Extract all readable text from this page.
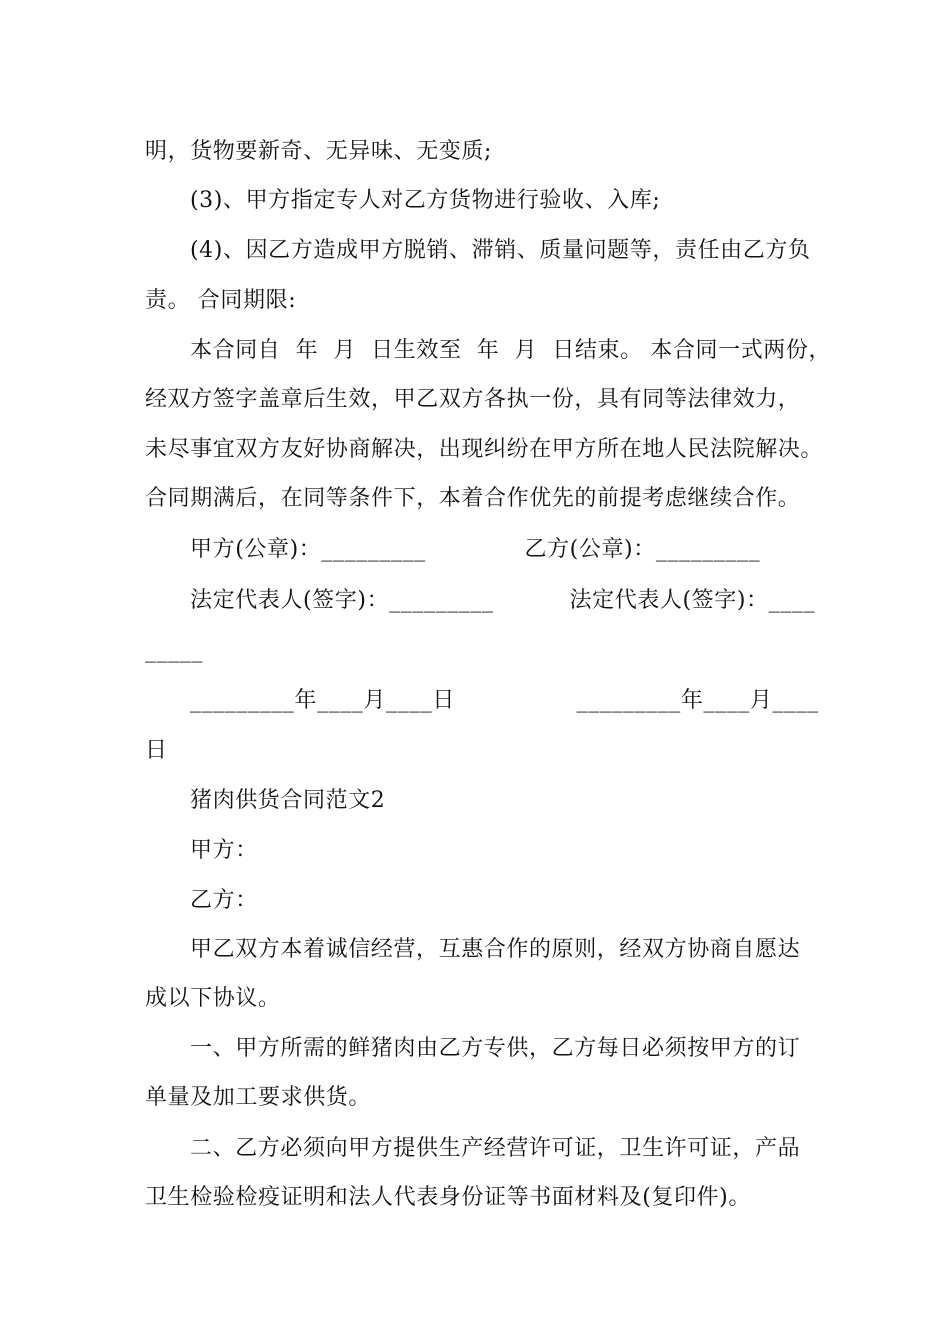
明，货物要新奇、无异味、无变质;
(3)、甲方指定专人对乙方货物进行验收、入库;
(4)、因乙方造成甲方脱销、滞销、质量问题等，责任由乙方负
责。 合同期限:
本合同自  年  月  日生效至  年  月  日结束。 本合同一式两份，
经双方签字盖章后生效，甲乙双方各执一份，具有同等法律效力，
未尽事宜双方友好协商解决，出现纠纷在甲方所在地人民法院解决。
合同期满后，在同等条件下，本着合作优先的前提考虑继续合作。
甲方(公章)：_________             乙方(公章)：_________
法定代表人(签字)：_________          法定代表人(签字)：____
_____
_________年____月____日                _________年____月____
日
猪肉供货合同范文2
甲方：
乙方：
甲乙双方本着诚信经营，互惠合作的原则，经双方协商自愿达
成以下协议。
一、甲方所需的鲜猪肉由乙方专供，乙方每日必须按甲方的订
单量及加工要求供货。
二、乙方必须向甲方提供生产经营许可证，卫生许可证，产品
卫生检验检疫证明和法人代表身份证等书面材料及(复印件)。
